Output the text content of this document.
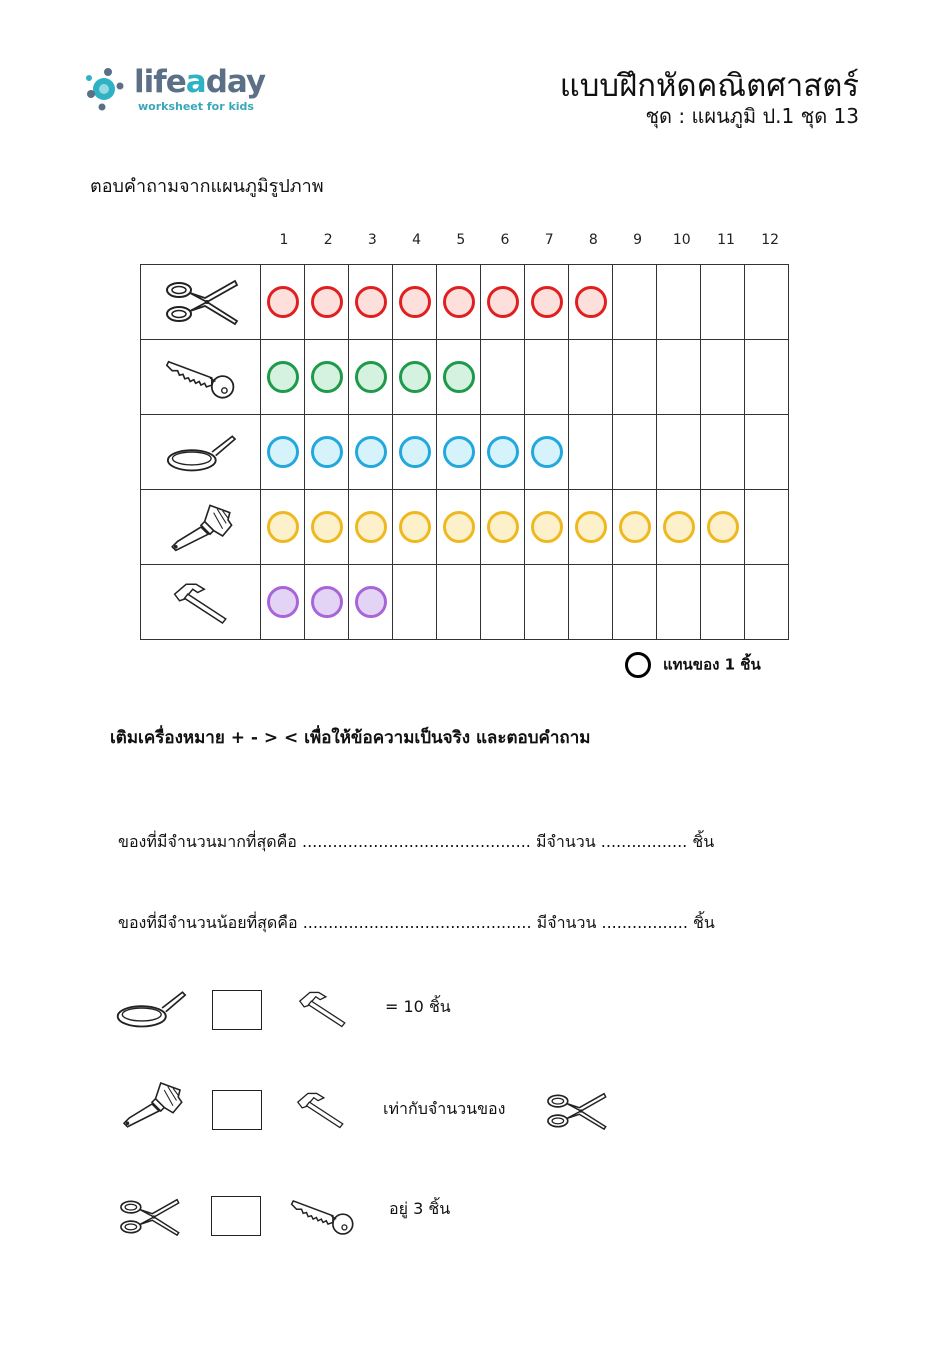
lifeaday
worksheet for kids
แบบฝึกหัดคณิตศาสตร์
ชุด : แผนภูมิ ป.1 ชุด 13
ตอบคำถามจากแผนภูมิรูปภาพ
1	2	3	4	5	6	7	8	9	10	11	12

แทนของ 1 ชิ้น
เติมเครื่องหมาย + - > < เพื่อให้ข้อความเป็นจริง และตอบคำถาม
ของที่มีจำนวนมากที่สุดคือ ............................................. มีจำนวน ................. ชิ้น
ของที่มีจำนวนน้อยที่สุดคือ ............................................. มีจำนวน ................. ชิ้น
= 10 ชิ้น
เท่ากับจำนวนของ
อยู่ 3 ชิ้น
